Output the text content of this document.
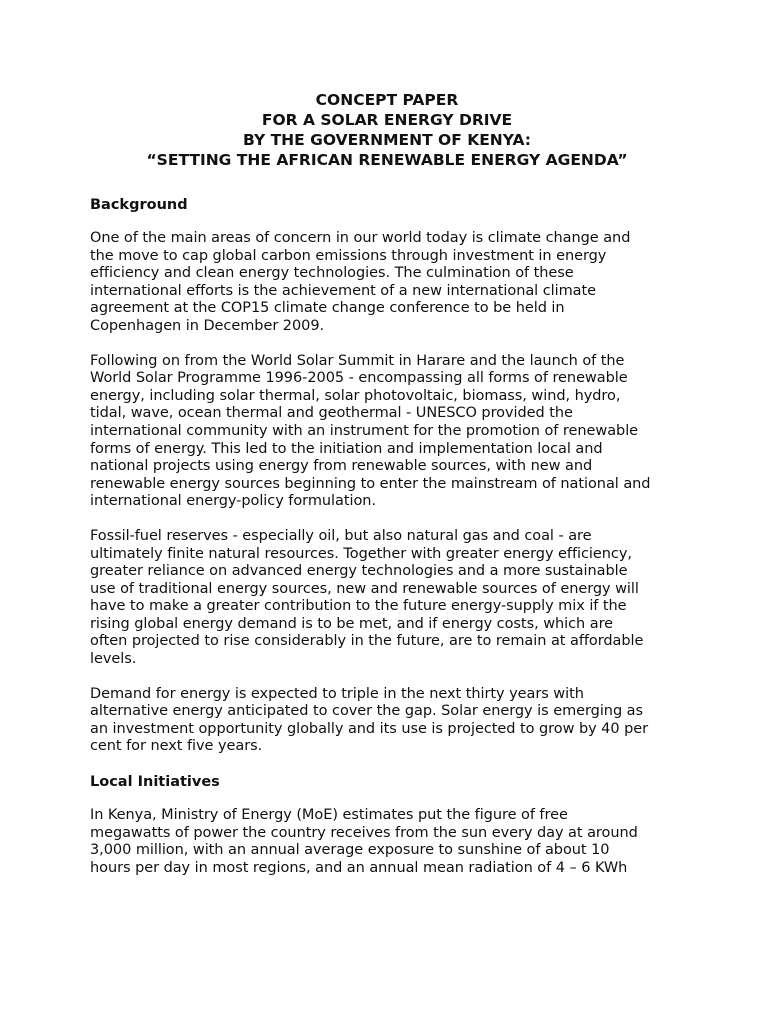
CONCEPT PAPER
FOR A SOLAR ENERGY DRIVE
BY THE GOVERNMENT OF KENYA:
“SETTING THE AFRICAN RENEWABLE ENERGY AGENDA”
Background
One of the main areas of concern in our world today is climate change and
the move to cap global carbon emissions through investment in energy
efficiency and clean energy technologies. The culmination of these
international efforts is the achievement of a new international climate
agreement at the COP15 climate change conference to be held in
Copenhagen in December 2009.
Following on from the World Solar Summit in Harare and the launch of the
World Solar Programme 1996-2005 - encompassing all forms of renewable
energy, including solar thermal, solar photovoltaic, biomass, wind, hydro,
tidal, wave, ocean thermal and geothermal - UNESCO provided the
international community with an instrument for the promotion of renewable
forms of energy. This led to the initiation and implementation local and
national projects using energy from renewable sources, with new and
renewable energy sources beginning to enter the mainstream of national and
international energy-policy formulation.
Fossil-fuel reserves - especially oil, but also natural gas and coal - are
ultimately finite natural resources. Together with greater energy efficiency,
greater reliance on advanced energy technologies and a more sustainable
use of traditional energy sources, new and renewable sources of energy will
have to make a greater contribution to the future energy-supply mix if the
rising global energy demand is to be met, and if energy costs, which are
often projected to rise considerably in the future, are to remain at affordable
levels.
Demand for energy is expected to triple in the next thirty years with
alternative energy anticipated to cover the gap. Solar energy is emerging as
an investment opportunity globally and its use is projected to grow by 40 per
cent for next five years.
Local Initiatives
In Kenya, Ministry of Energy (MoE) estimates put the figure of free
megawatts of power the country receives from the sun every day at around
3,000 million, with an annual average exposure to sunshine of about 10
hours per day in most regions, and an annual mean radiation of 4 – 6 KWh
